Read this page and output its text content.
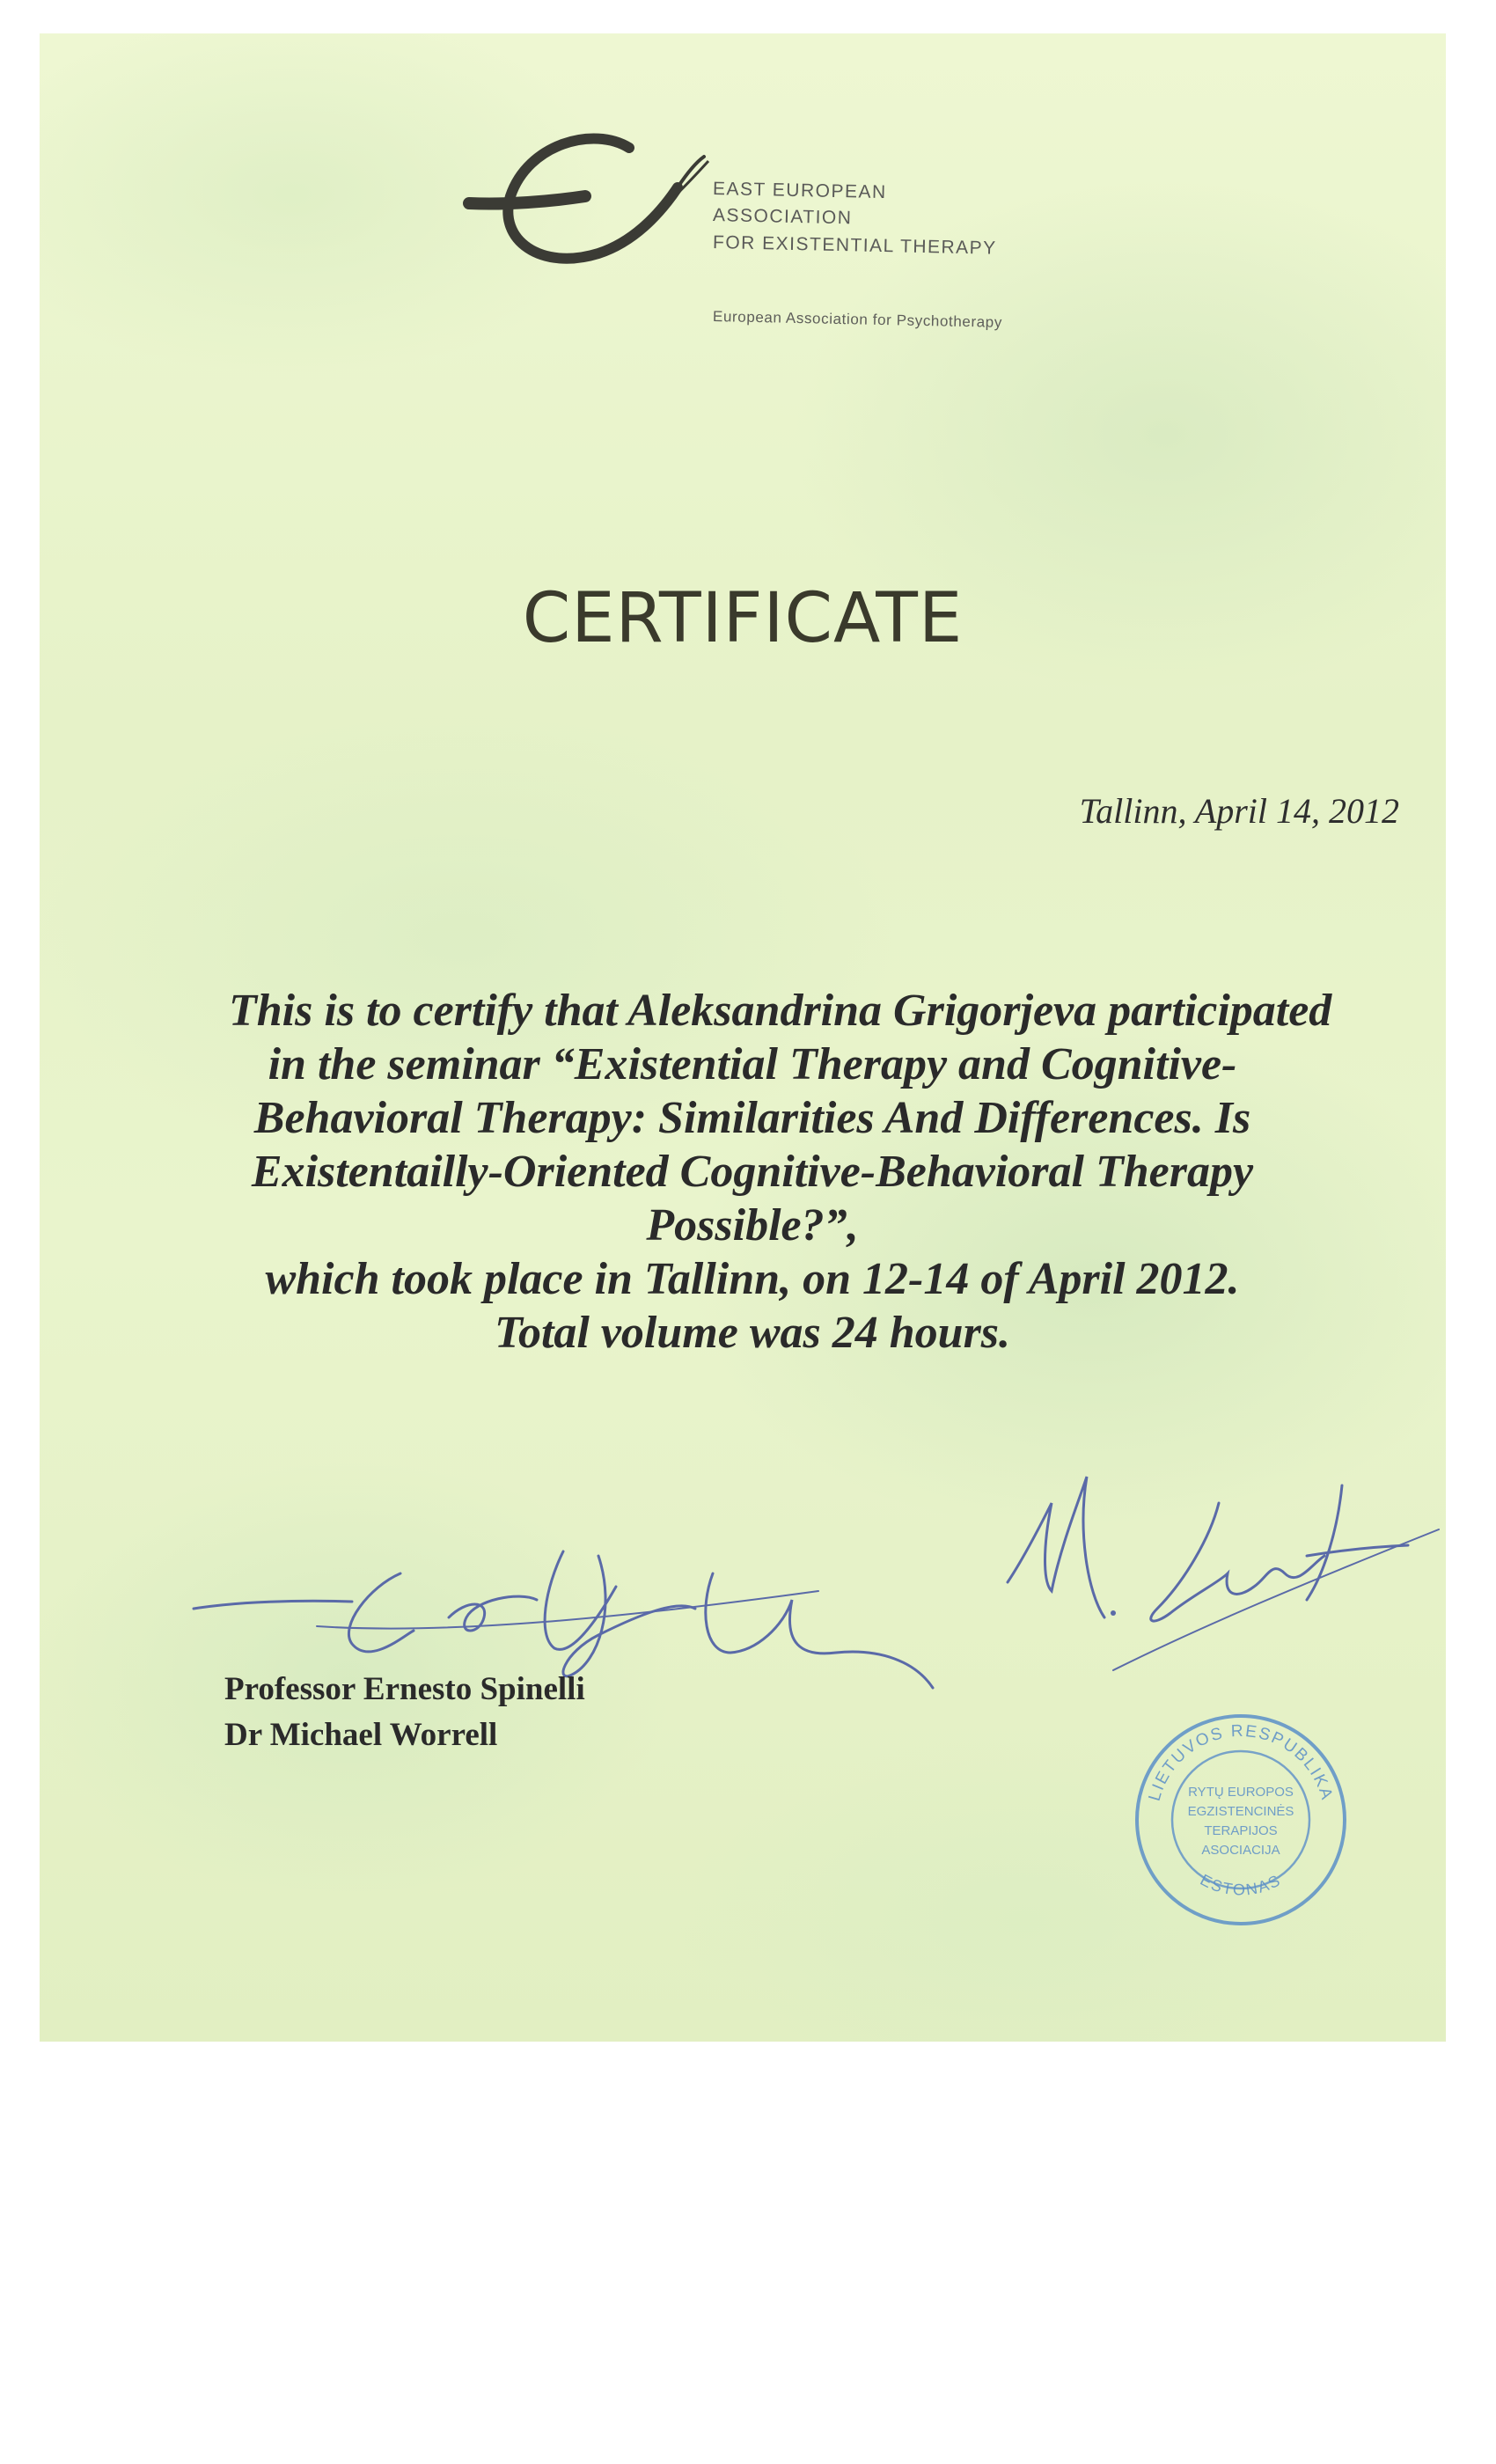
EAST EUROPEAN
ASSOCIATION
FOR EXISTENTIAL THERAPY
European Association for Psychotherapy
CERTIFICATE
Tallinn, April 14, 2012
This is to certify that Aleksandrina Grigorjeva participated
in the seminar “Existential Therapy and Cognitive-
Behavioral Therapy: Similarities And Differences. Is
Existentailly-Oriented Cognitive-Behavioral Therapy
Possible?”,
which took place in Tallinn, on 12-14 of April 2012.
Total volume was 24 hours.
Professor Ernesto Spinelli
Dr Michael Worrell
LIETUVOS RESPUBLIKA
ESTONAS
RYTŲ EUROPOS
EGZISTENCINĖS
TERAPIJOS
ASOCIACIJA
